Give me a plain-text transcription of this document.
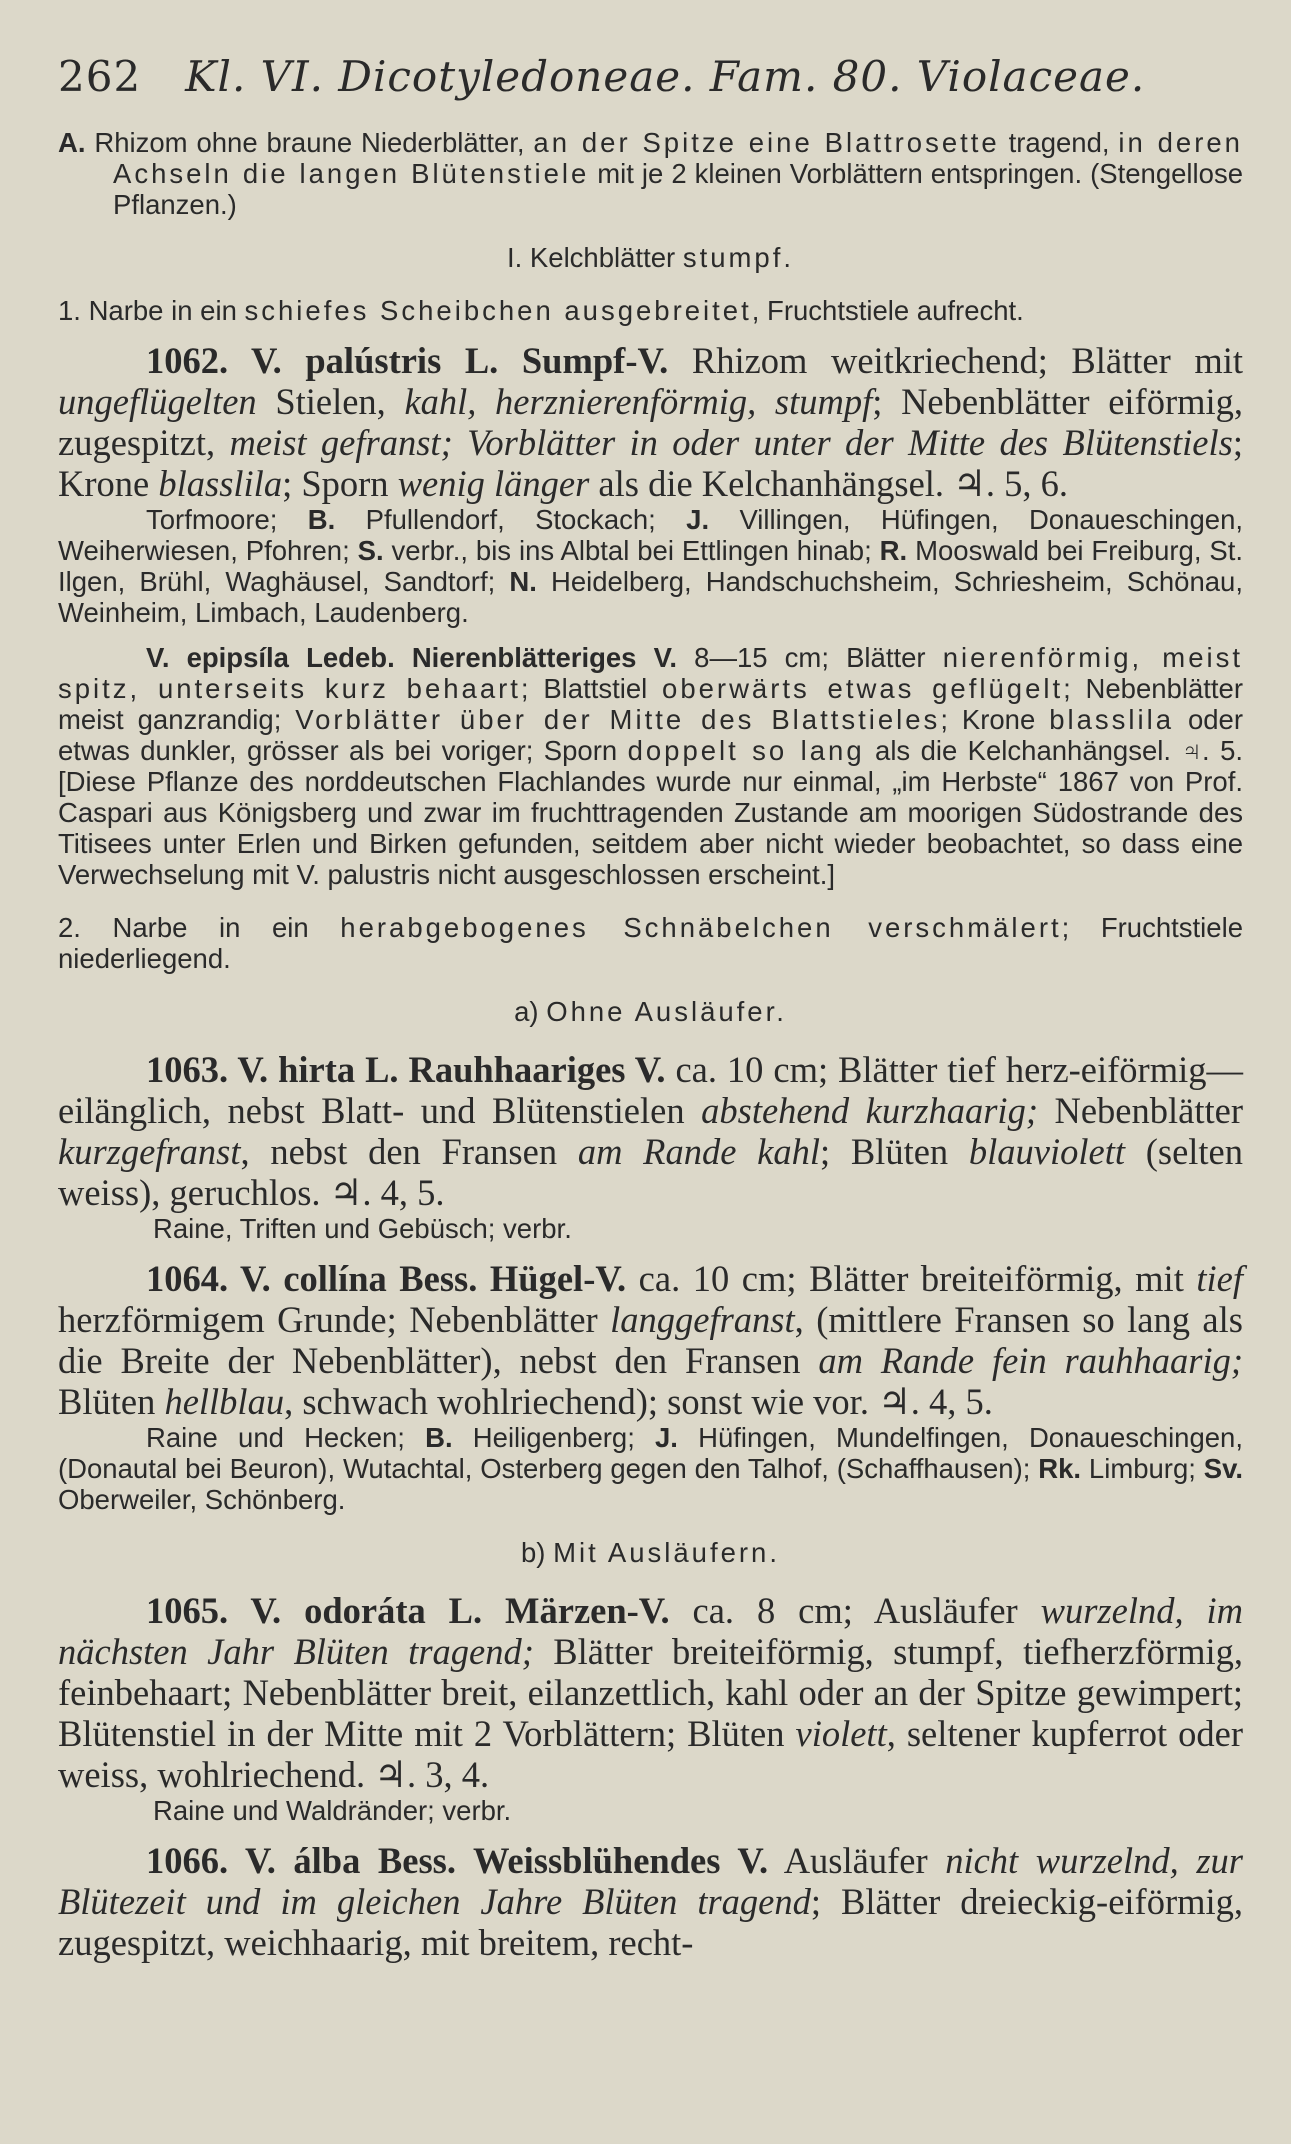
262 Kl. VI. Dicotyledoneae. Fam. 80. Violaceae.

A. Rhizom ohne braune Niederblätter, an der Spitze eine Blattrosette tragend, in deren Achseln die langen Blütenstiele mit je 2 kleinen Vorblättern entspringen. (Stengellose Pflanzen.)

I. Kelchblätter stumpf.

1. Narbe in ein schiefes Scheibchen ausgebreitet, Fruchtstiele aufrecht.

1062. V. palústris L. Sumpf-V. Rhizom weitkriechend; Blätter mit ungeflügelten Stielen, kahl, herznierenförmig, stumpf; Nebenblätter eiförmig, zugespitzt, meist gefranst; Vorblätter in oder unter der Mitte des Blütenstiels; Krone blasslila; Sporn wenig länger als die Kelchanhängsel. ♃. 5, 6.

Torfmoore; B. Pfullendorf, Stockach; J. Villingen, Hüfingen, Donaueschingen, Weiherwiesen, Pfohren; S. verbr., bis ins Albtal bei Ettlingen hinab; R. Mooswald bei Freiburg, St. Ilgen, Brühl, Waghäusel, Sandtorf; N. Heidelberg, Handschuchsheim, Schriesheim, Schönau, Weinheim, Limbach, Laudenberg.

V. epipsíla Ledeb. Nierenblätteriges V. 8—15 cm; Blätter nierenförmig, meist spitz, unterseits kurz behaart; Blattstiel oberwärts etwas geflügelt; Nebenblätter meist ganzrandig; Vorblätter über der Mitte des Blattstieles; Krone blasslila oder etwas dunkler, grösser als bei voriger; Sporn doppelt so lang als die Kelchanhängsel. ♃. 5. [Diese Pflanze des norddeutschen Flachlandes wurde nur einmal, „im Herbste“ 1867 von Prof. Caspari aus Königsberg und zwar im fruchttragenden Zustande am moorigen Südostrande des Titisees unter Erlen und Birken gefunden, seitdem aber nicht wieder beobachtet, so dass eine Verwechselung mit V. palustris nicht ausgeschlossen erscheint.]

2. Narbe in ein herabgebogenes Schnäbelchen verschmälert; Fruchtstiele niederliegend.

a) Ohne Ausläufer.

1063. V. hirta L. Rauhhaariges V. ca. 10 cm; Blätter tief herz-eiförmig—eilänglich, nebst Blatt- und Blütenstielen abstehend kurzhaarig; Nebenblätter kurzgefranst, nebst den Fransen am Rande kahl; Blüten blauviolett (selten weiss), geruchlos. ♃. 4, 5.

Raine, Triften und Gebüsch; verbr.

1064. V. collína Bess. Hügel-V. ca. 10 cm; Blätter breiteiförmig, mit tief herzförmigem Grunde; Nebenblätter langgefranst, (mittlere Fransen so lang als die Breite der Nebenblätter), nebst den Fransen am Rande fein rauhhaarig; Blüten hellblau, schwach wohlriechend); sonst wie vor. ♃. 4, 5.

Raine und Hecken; B. Heiligenberg; J. Hüfingen, Mundelfingen, Donaueschingen, (Donautal bei Beuron), Wutachtal, Osterberg gegen den Talhof, (Schaffhausen); Rk. Limburg; Sv. Oberweiler, Schönberg.

b) Mit Ausläufern.

1065. V. odoráta L. Märzen-V. ca. 8 cm; Ausläufer wurzelnd, im nächsten Jahr Blüten tragend; Blätter breiteiförmig, stumpf, tiefherzförmig, feinbehaart; Nebenblätter breit, eilanzettlich, kahl oder an der Spitze gewimpert; Blütenstiel in der Mitte mit 2 Vorblättern; Blüten violett, seltener kupferrot oder weiss, wohlriechend. ♃. 3, 4.

Raine und Waldränder; verbr.

1066. V. álba Bess. Weissblühendes V. Ausläufer nicht wurzelnd, zur Blütezeit und im gleichen Jahre Blüten tragend; Blätter dreieckig-eiförmig, zugespitzt, weichhaarig, mit breitem, recht-
